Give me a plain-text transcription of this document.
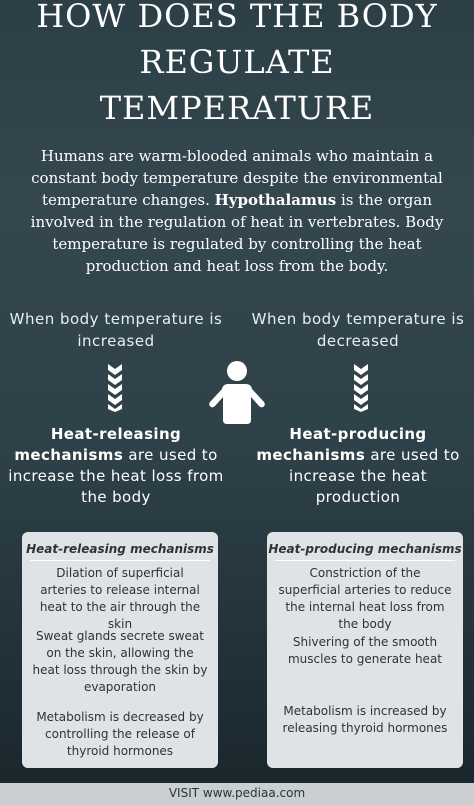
HOW DOES THE BODY
REGULATE
TEMPERATURE
Humans are warm-blooded animals who maintain a constant body temperature despite the environmental temperature changes. Hypothalamus is the organ involved in the regulation of heat in vertebrates. Body temperature is regulated by controlling the heat production and heat loss from the body.
When body temperature is increased
When body temperature is decreased
Heat-releasing mechanisms are used to increase the heat loss from the body
Heat-producing mechanisms are used to increase the heat production
Heat-releasing mechanisms
Dilation of superficial arteries to release internal heat to the air through the skin
Sweat glands secrete sweat on the skin, allowing the heat loss through the skin by evaporation
Metabolism is decreased by controlling the release of thyroid hormones
Heat-producing mechanisms
Constriction of the superficial arteries to reduce the internal heat loss from the body
Shivering of the smooth muscles to generate heat
Metabolism is increased by releasing thyroid hormones
VISIT www.pediaa.com
